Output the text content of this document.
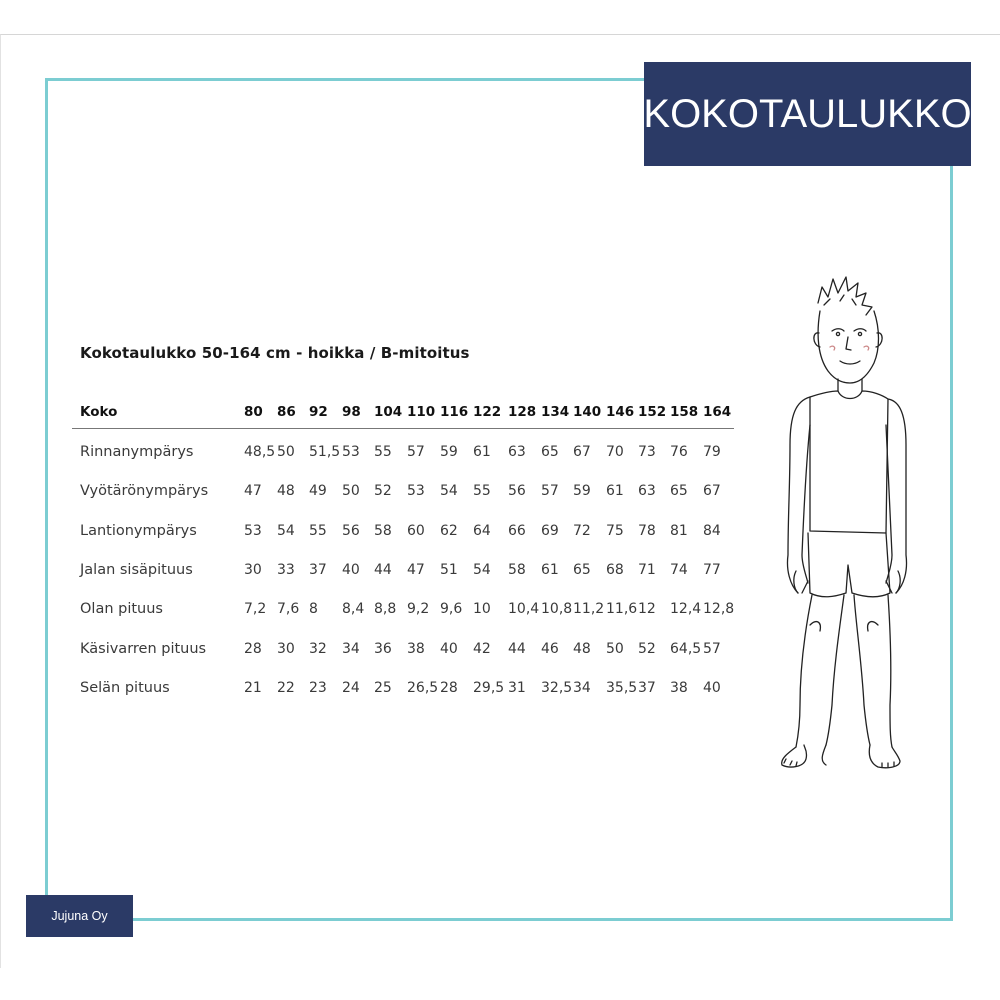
KOKOTAULUKKO
Kokotaulukko 50-164 cm - hoikka / B-mitoitus
Koko	80 86 92 98 104 110 116 122 128 134 140 146 152 158 164
Rinnanympärys	48,5 50 51,5 53 55 57 59 61 63 65 67 70 73 76 79
Vyötärönympärys	47 48 49 50 52 53 54 55 56 57 59 61 63 65 67
Lantionympärys	53 54 55 56 58 60 62 64 66 69 72 75 78 81 84
Jalan sisäpituus	30 33 37 40 44 47 51 54 58 61 65 68 71 74 77
Olan pituus	7,2 7,6 8 8,4 8,8 9,2 9,6 10 10,4 10,8 11,2 11,6 12 12,4 12,8
Käsivarren pituus	28 30 32 34 36 38 40 42 44 46 48 50 52 64,5 57
Selän pituus	21 22 23 24 25 26,5 28 29,5 31 32,5 34 35,5 37 38 40
Jujuna Oy
